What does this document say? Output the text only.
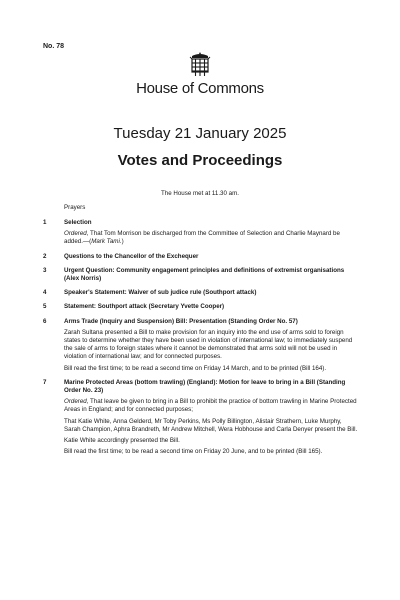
No. 78
House of Commons
Tuesday 21 January 2025
Votes and Proceedings
The House met at 11.30 am.
Prayers
1	Selection

Ordered, That Tom Morrison be discharged from the Committee of Selection and Charlie Maynard be added.—(Mark Tami.)

2	Questions to the Chancellor of the Exchequer
3	Urgent Question: Community engagement principles and definitions of extremist organisations (Alex Norris)
4	Speaker's Statement: Waiver of sub judice rule (Southport attack)
5	Statement: Southport attack (Secretary Yvette Cooper)
6	Arms Trade (Inquiry and Suspension) Bill: Presentation (Standing Order No. 57)

Zarah Sultana presented a Bill to make provision for an inquiry into the end use of arms sold to foreign states to determine whether they have been used in violation of international law; to immediately suspend the sale of arms to foreign states where it cannot be demonstrated that arms sold will not be used in violation of international law; and for connected purposes.

Bill read the first time; to be read a second time on Friday 14 March, and to be printed (Bill 164).

7	Marine Protected Areas (bottom trawling) (England): Motion for leave to bring in a Bill (Standing Order No. 23)

Ordered, That leave be given to bring in a Bill to prohibit the practice of bottom trawling in Marine Protected Areas in England; and for connected purposes;

That Katie White, Anna Gelderd, Mr Toby Perkins, Ms Polly Billington, Alistair Strathern, Luke Murphy, Sarah Champion, Aphra Brandreth, Mr Andrew Mitchell, Wera Hobhouse and Carla Denyer present the Bill.

Katie White accordingly presented the Bill.

Bill read the first time; to be read a second time on Friday 20 June, and to be printed (Bill 165).
